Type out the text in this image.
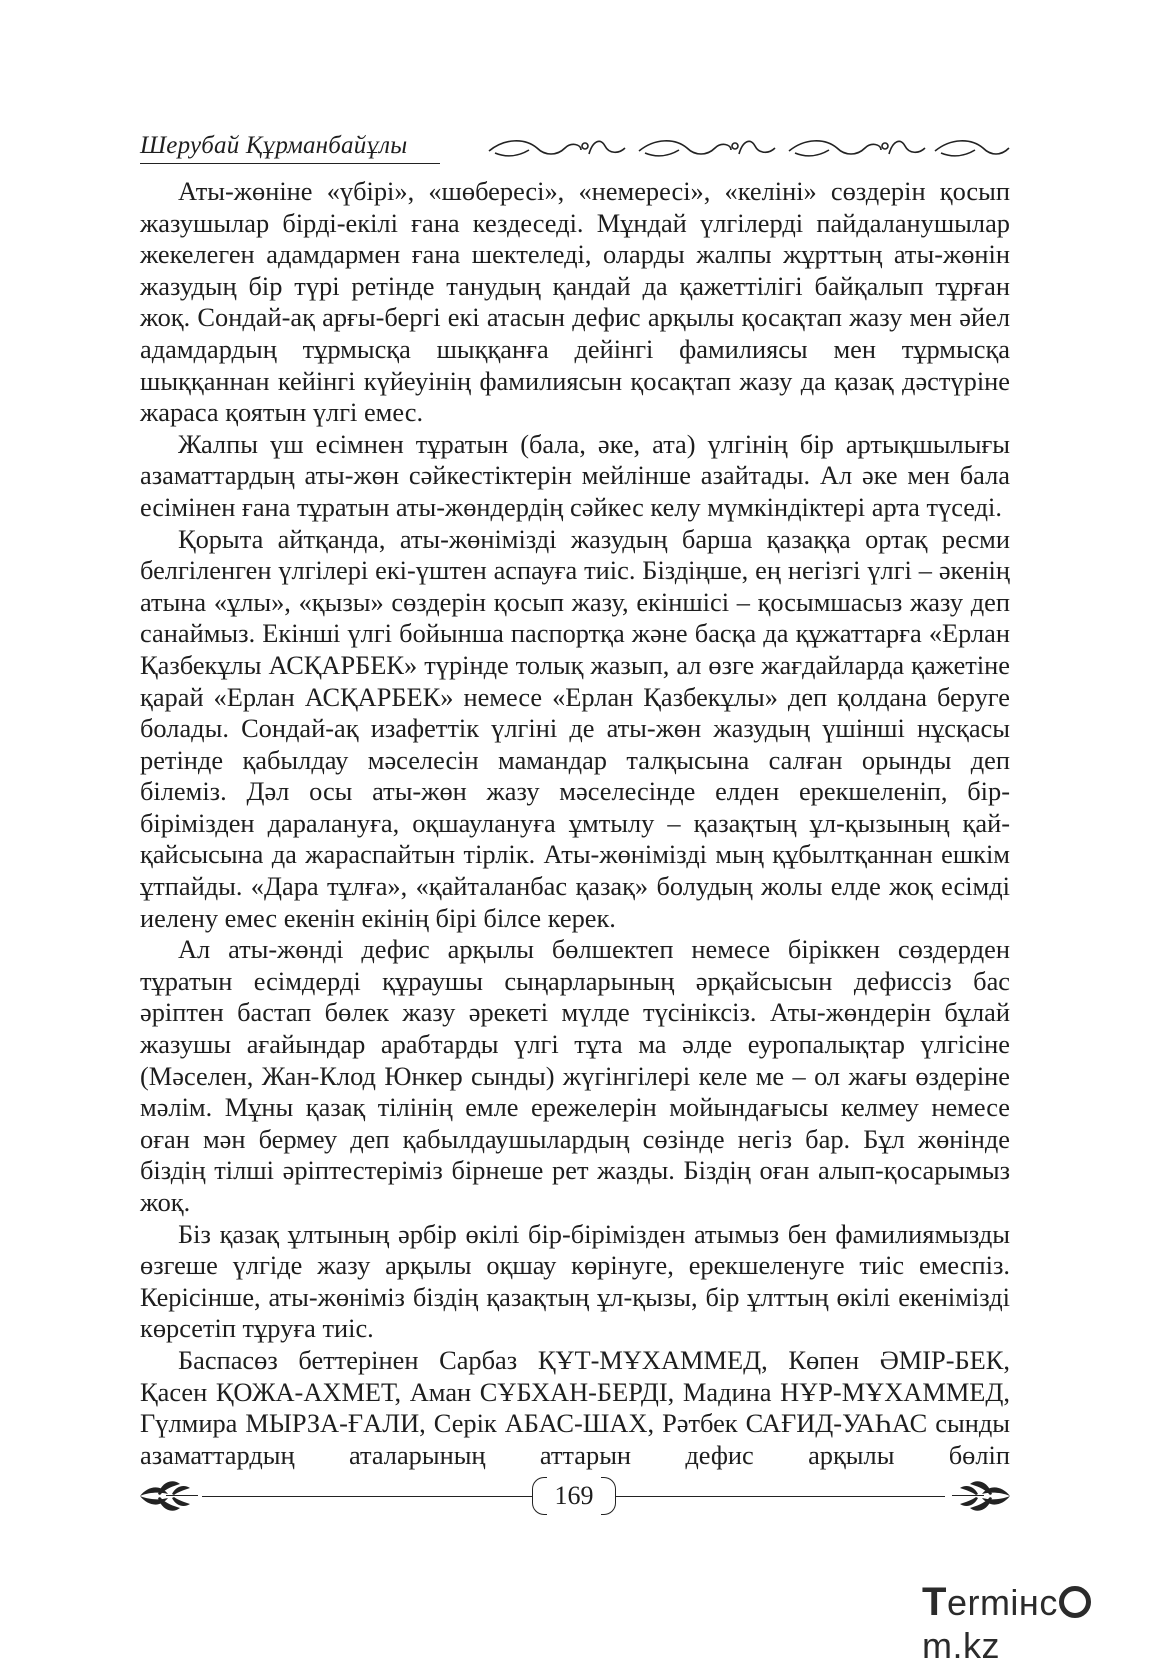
Шерубай Құрманбайұлы

Аты-жөніне «үбірі», «шөбересі», «немересі», «келіні» сөздерін қосып жазушылар бірді-екілі ғана кездеседі. Мұндай үлгілерді пайдаланушылар жекелеген адамдармен ғана шектеледі, оларды жалпы жұрттың аты-жөнін жазудың бір түрі ретінде танудың қандай да қажеттілігі байқалып тұрған жоқ. Сондай-ақ арғы-бергі екі атасын дефис арқылы қосақтап жазу мен әйел адамдардың тұрмысқа шыққанға дейінгі фамилиясы мен тұрмысқа шыққаннан кейінгі күйеуінің фамилиясын қосақтап жазу да қазақ дәстүріне жараса қоятын үлгі емес.

Жалпы үш есімнен тұратын (бала, әке, ата) үлгінің бір артықшылығы азаматтардың аты-жөн сәйкестіктерін мейлінше азайтады. Ал әке мен бала есімінен ғана тұратын аты-жөндердің сәйкес келу мүмкіндіктері арта түседі.

Қорыта айтқанда, аты-жөнімізді жазудың барша қазаққа ортақ ресми белгіленген үлгілері екі-үштен аспауға тиіс. Біздіңше, ең негізгі үлгі – әкенің атына «ұлы», «қызы» сөздерін қосып жазу, екіншісі – қосымшасыз жазу деп санаймыз. Екінші үлгі бойынша паспортқа және басқа да құжаттарға «Ерлан Қазбекұлы АСҚАРБЕК» түрінде толық жазып, ал өзге жағдайларда қажетіне қарай «Ерлан АСҚАРБЕК» немесе «Ерлан Қазбекұлы» деп қолдана беруге болады. Сондай-ақ изафеттік үлгіні де аты-жөн жазудың үшінші нұсқасы ретінде қабылдау мәселесін мамандар талқысына салған орынды деп білеміз. Дәл осы аты-жөн жазу мәселесінде елден ерекшеленіп, бір-бірімізден даралануға, оқшаулануға ұмтылу – қазақтың ұл-қызының қай-қайсысына да жараспайтын тірлік. Аты-жөнімізді мың құбылтқаннан ешкім ұтпайды. «Дара тұлға», «қайталанбас қазақ» болудың жолы елде жоқ есімді иелену емес екенін екінің бірі білсе керек.

Ал аты-жөнді дефис арқылы бөлшектеп немесе біріккен сөздерден тұратын есімдерді құраушы сыңарларының әрқайсысын дефиссіз бас әріптен бастап бөлек жазу әрекеті мүлде түсініксіз. Аты-жөндерін бұлай жазушы ағайындар арабтарды үлгі тұта ма әлде еуропалықтар үлгісіне (Мәселен, Жан-Клод Юнкер сынды) жүгінгілері келе ме – ол жағы өздеріне мәлім. Мұны қазақ тілінің емле ережелерін мойындағысы келмеу немесе оған мән бермеу деп қабылдаушылардың сөзінде негіз бар. Бұл жөнінде біздің тілші әріптестеріміз бірнеше рет жазды. Біздің оған алып-қосарымыз жоқ.

Біз қазақ ұлтының әрбір өкілі бір-бірімізден атымыз бен фамилиямызды өзгеше үлгіде жазу арқылы оқшау көрінуге, ерекшеленуге тиіс емеспіз. Керісінше, аты-жөніміз біздің қазақтың ұл-қызы, бір ұлттың өкілі екенімізді көрсетіп тұруға тиіс.

Баспасөз беттерінен Сарбаз ҚҰТ-МҰХАММЕД, Көпен ӘМІР-БЕК, Қасен ҚОЖА-АХМЕТ, Аман СҰБХАН-БЕРДІ, Мадина НҰР-МҰХАММЕД, Гүлмира МЫРЗА-ҒАЛИ, Серік АБАС-ШАХ, Рәтбек САҒИД-УАҺАС сынды азаматтардың аталарының аттарын дефис арқылы бөліп

169
Termінcm.kz
